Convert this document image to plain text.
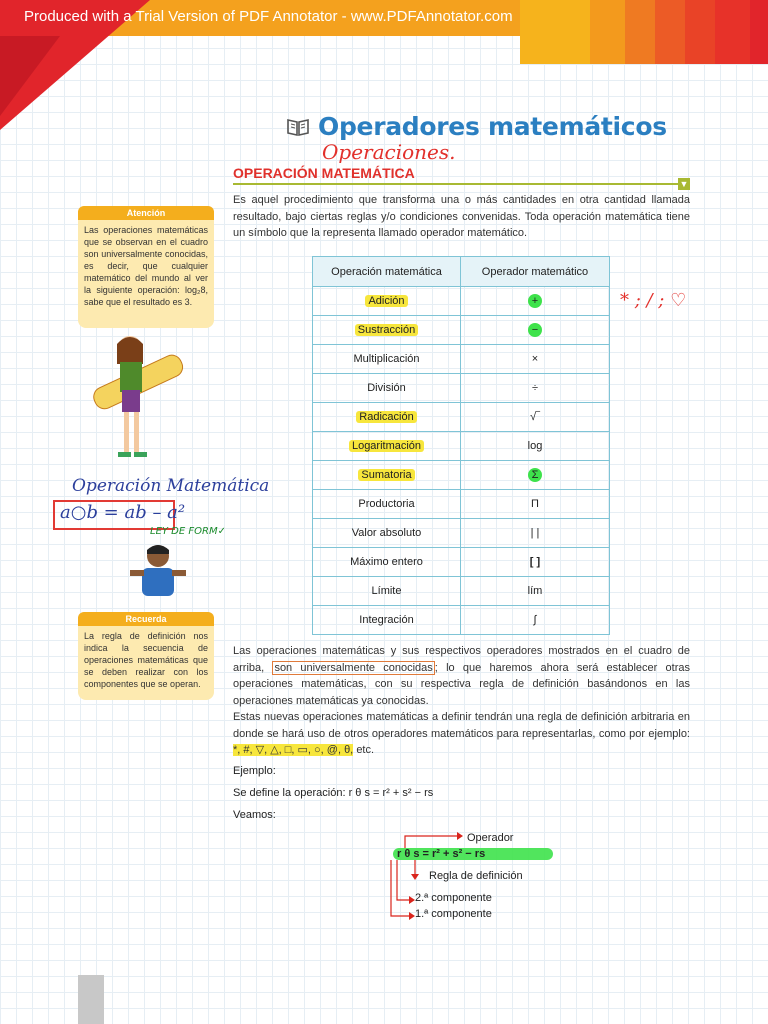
Produced with a Trial Version of PDF Annotator - www.PDFAnnotator.com
Operadores matemáticos
Operaciones.
OPERACIÓN MATEMÁTICA
▼
Es aquel procedimiento que transforma una o más cantidades en otra cantidad llamada resultado, bajo ciertas reglas y/o condiciones convenidas. Toda operación matemática tiene un símbolo que la representa llamado operador matemático.
Atención
Las operaciones matemáticas que se observan en el cuadro son universalmente conocidas, es decir, que cualquier matemático del mundo al ver la siguiente operación: log₂8, sabe que el resultado es 3.
Operación Matemática
a○b = ab – a²
LEY DE FORM✓
Recuerda
La regla de definición nos indica la secuencia de operaciones matemáticas que se deben realizar con los componentes que se operan.
Operación matemática	Operador matemático
Adición	+
Sustracción	−
Multiplicación	×
División	÷
Radicación	√‾
Logaritmación	log
Sumatoria	Σ
Productoria	Π
Valor absoluto	| |
Máximo entero	[ ]
Límite	lím
Integración	∫
* ; / ; ♡
Las operaciones matemáticas y sus respectivos operadores mostrados en el cuadro de arriba, son universalmente conocidas ; lo que haremos ahora será establecer otras operaciones matemáticas, con su respectiva regla de definición basándonos en las operaciones matemáticas ya conocidas.
Estas nuevas operaciones matemáticas a definir tendrán una regla de definición arbitraria en donde se hará uso de otros operadores matemáticos para representarlas, como por ejemplo: *, #, ▽, △, □, ▭, ○, @, θ, etc.
Ejemplo:
Se define la operación: r θ s = r² + s² − rs
Veamos:
r θ s = r² + s² − rs
Operador
Regla de definición
2.ª componente
1.ª componente
